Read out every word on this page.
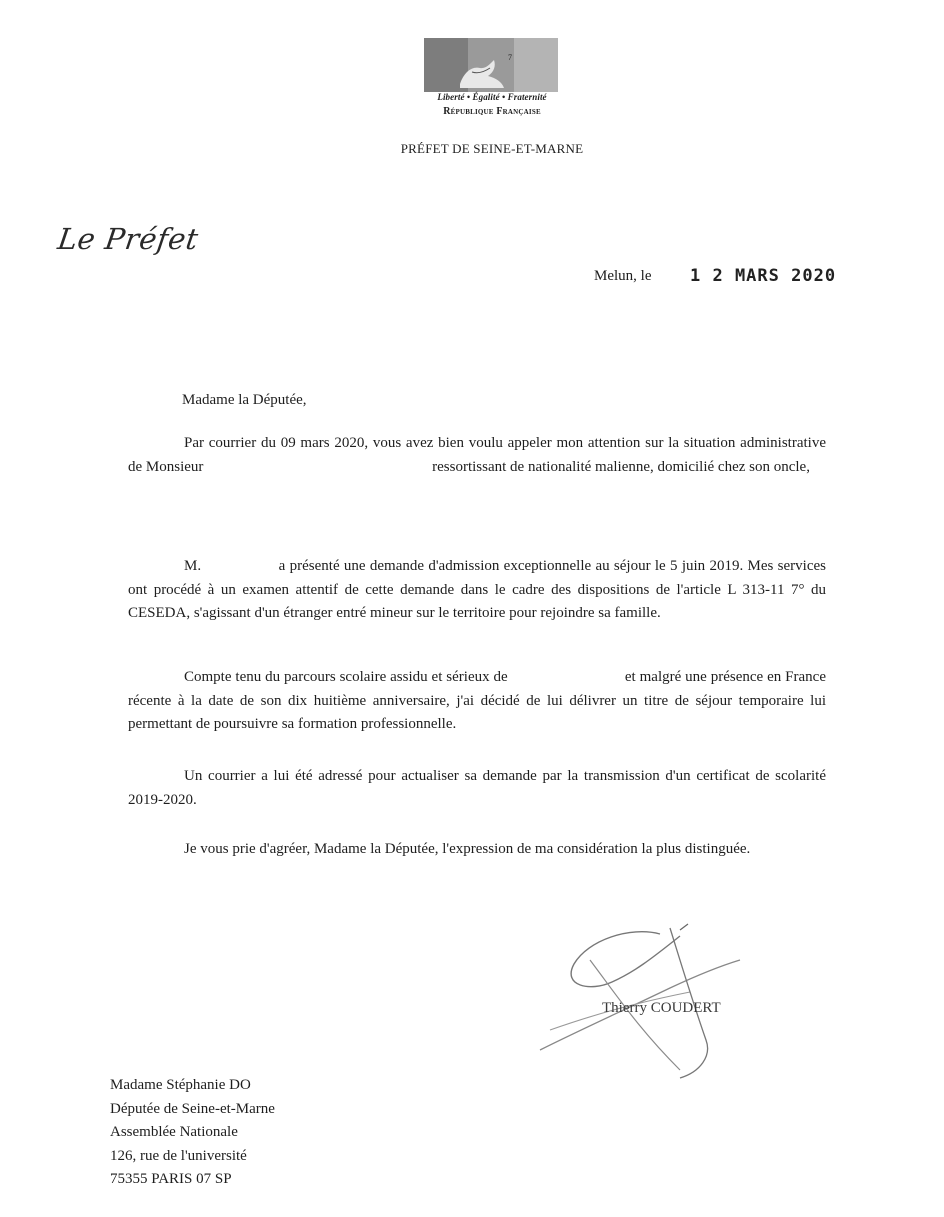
7
Liberté • Égalité • Fraternité
République Française
PRÉFET DE SEINE-ET-MARNE
Le Préfet
Melun, le 1 2 MARS 2020
Madame la Députée,
Par courrier du 09 mars 2020, vous avez bien voulu appeler mon attention sur la situation administrative de Monsieur                                                             ressortissant de nationalité malienne, domicilié chez son oncle,
M.                  a présenté une demande d'admission exceptionnelle au séjour le 5 juin 2019. Mes services ont procédé à un examen attentif de cette demande dans le cadre des dispositions de l'article L 313-11 7° du CESEDA, s'agissant d'un étranger entré mineur sur le territoire pour rejoindre sa famille.
Compte tenu du parcours scolaire assidu et sérieux de                              et malgré une présence en France récente à la date de son dix huitième anniversaire, j'ai décidé de lui délivrer un titre de séjour temporaire lui permettant de poursuivre sa formation professionnelle.
Un courrier a lui été adressé pour actualiser sa demande par la transmission d'un certificat de scolarité 2019-2020.
Je vous prie d'agréer, Madame la Députée, l'expression de ma considération la plus distinguée.
Thierry COUDERT
Madame Stéphanie DO
Députée de Seine-et-Marne
Assemblée Nationale
126, rue de l'université
75355 PARIS 07 SP
